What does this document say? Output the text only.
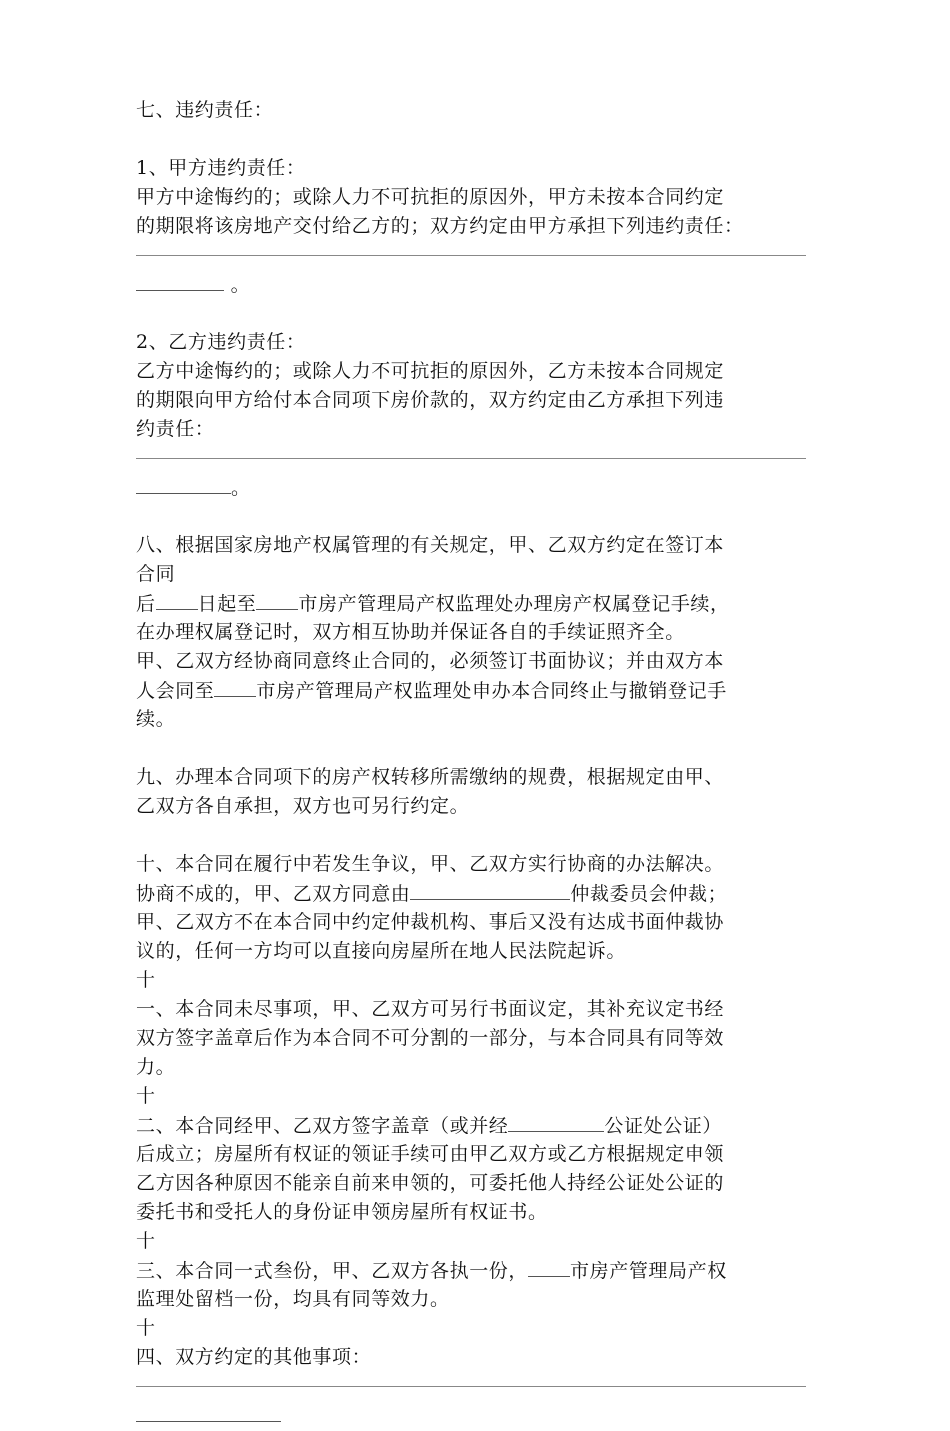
七、违约责任：
1、甲方违约责任：
甲方中途悔约的；或除人力不可抗拒的原因外，甲方未按本合同约定
的期限将该房地产交付给乙方的；双方约定由甲方承担下列违约责任：
。
2、乙方违约责任：
乙方中途悔约的；或除人力不可抗拒的原因外，乙方未按本合同规定
的期限向甲方给付本合同项下房价款的，双方约定由乙方承担下列违
约责任：
。
八、根据国家房地产权属管理的有关规定，甲、乙双方约定在签订本
合同
后 日起至 市房产管理局产权监理处办理房产权属登记手续，
在办理权属登记时，双方相互协助并保证各自的手续证照齐全。
甲、乙双方经协商同意终止合同的，必须签订书面协议；并由双方本
人会同至 市房产管理局产权监理处申办本合同终止与撤销登记手
续。
九、办理本合同项下的房产权转移所需缴纳的规费，根据规定由甲、
乙双方各自承担，双方也可另行约定。
十、本合同在履行中若发生争议，甲、乙双方实行协商的办法解决。
协商不成的，甲、乙双方同意由	仲裁委员会仲裁；
甲、乙双方不在本合同中约定仲裁机构、事后又没有达成书面仲裁协
议的，任何一方均可以直接向房屋所在地人民法院起诉。
十
一、本合同未尽事项，甲、乙双方可另行书面议定，其补充议定书经
双方签字盖章后作为本合同不可分割的一部分，与本合同具有同等效
力。
十
二、本合同经甲、乙双方签字盖章（或并经	公证处公证）
后成立；房屋所有权证的领证手续可由甲乙双方或乙方根据规定申领
乙方因各种原因不能亲自前来申领的，可委托他人持经公证处公证的
委托书和受托人的身份证申领房屋所有权证书。
十
三、本合同一式叁份，甲、乙双方各执一份， 市房产管理局产权
监理处留档一份，均具有同等效力。
十
四、双方约定的其他事项：
